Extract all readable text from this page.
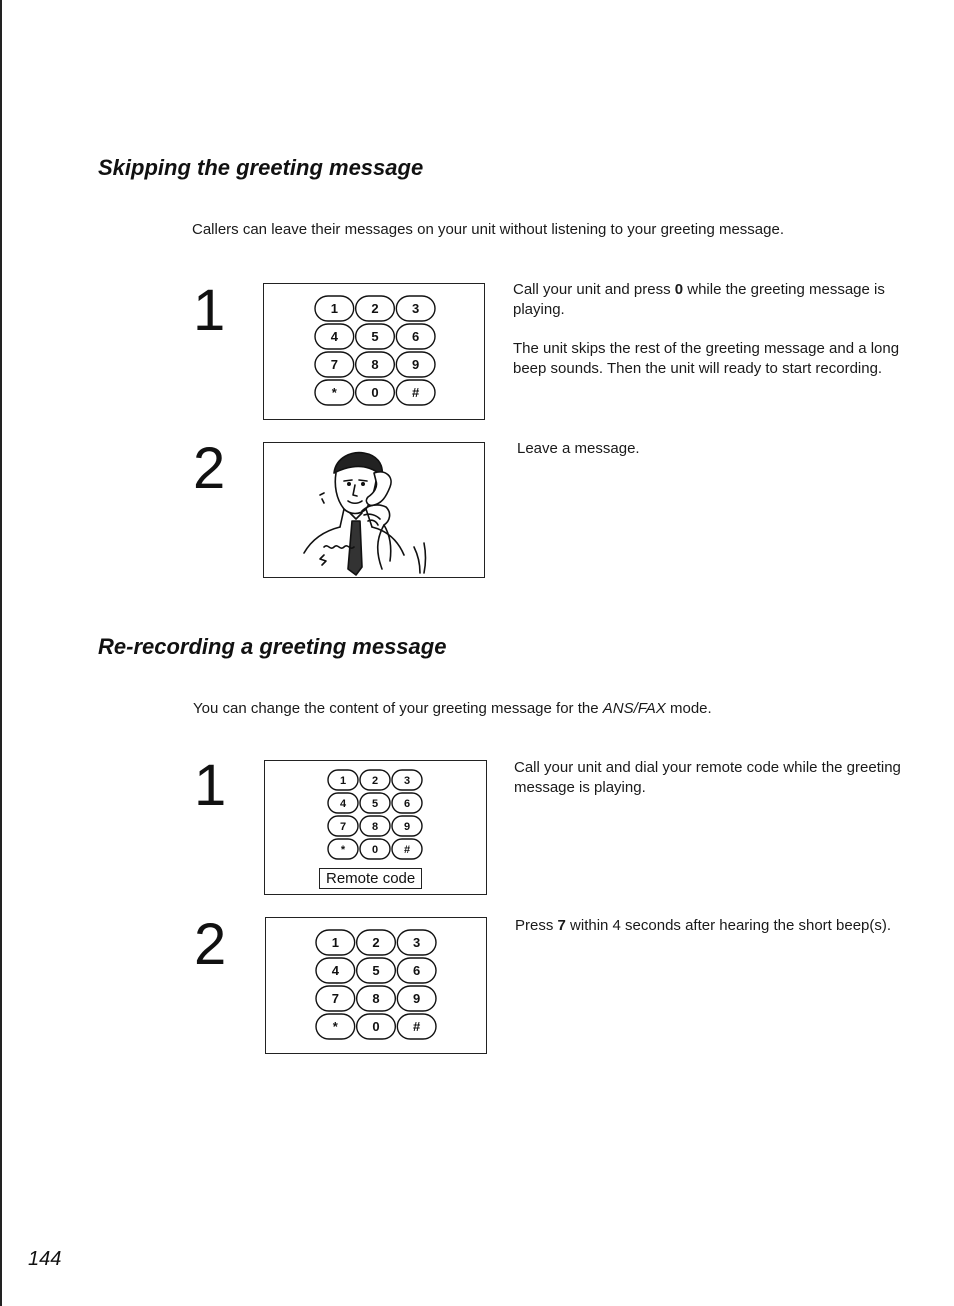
Skipping the greeting message

Callers can leave their messages on your unit without listening to your greeting message.

1	1	2	3
4	5	6
7	8	9
*	0	#
Call your unit and press 0 while the greeting message is playing.
The unit skips the rest of the greeting message and a long beep sounds. Then the unit will ready to start recording.
2	Leave a message.
Re-recording a greeting message

You can change the content of your greeting message for the ANS/FAX mode.

1	1 2 3
4 5 6
7 8 9
* 0 #
Remote code
Call your unit and dial your remote code while the greeting message is playing.
2	1	2	3
4	5	6
7	8	9
*	0	#
Press 7 within 4 seconds after hearing the short beep(s).
144
